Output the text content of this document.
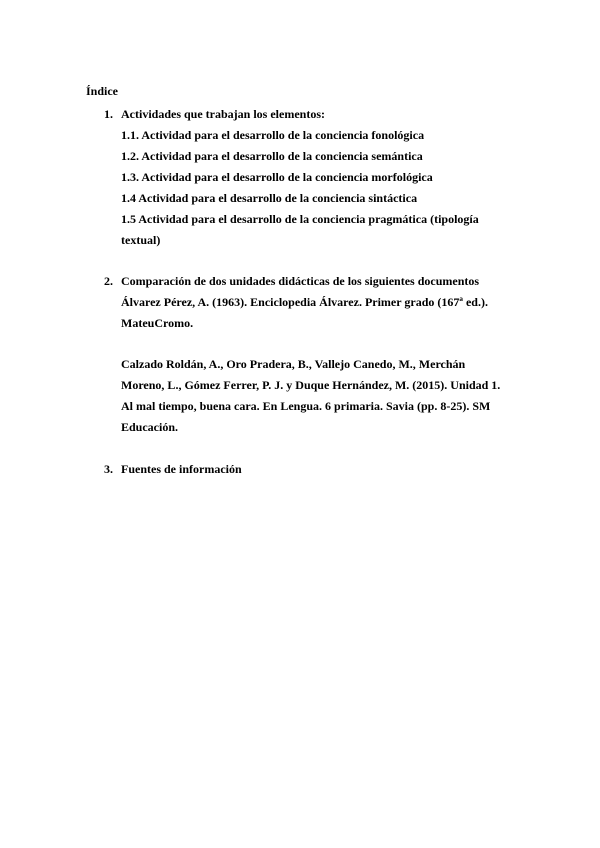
Índice
1. Actividades que trabajan los elementos:
1.1. Actividad para el desarrollo de la conciencia fonológica
1.2. Actividad para el desarrollo de la conciencia semántica
1.3. Actividad para el desarrollo de la conciencia morfológica
1.4 Actividad para el desarrollo de la conciencia sintáctica
1.5 Actividad para el desarrollo de la conciencia pragmática (tipología
textual)
2. Comparación de dos unidades didácticas de los siguientes documentos
Álvarez Pérez, A. (1963). Enciclopedia Álvarez. Primer grado (167ª ed.).
MateuCromo.
Calzado Roldán, A., Oro Pradera, B., Vallejo Canedo, M., Merchán
Moreno, L., Gómez Ferrer, P. J. y Duque Hernández, M. (2015). Unidad 1.
Al mal tiempo, buena cara. En Lengua. 6 primaria. Savia (pp. 8-25). SM
Educación.
3. Fuentes de información
